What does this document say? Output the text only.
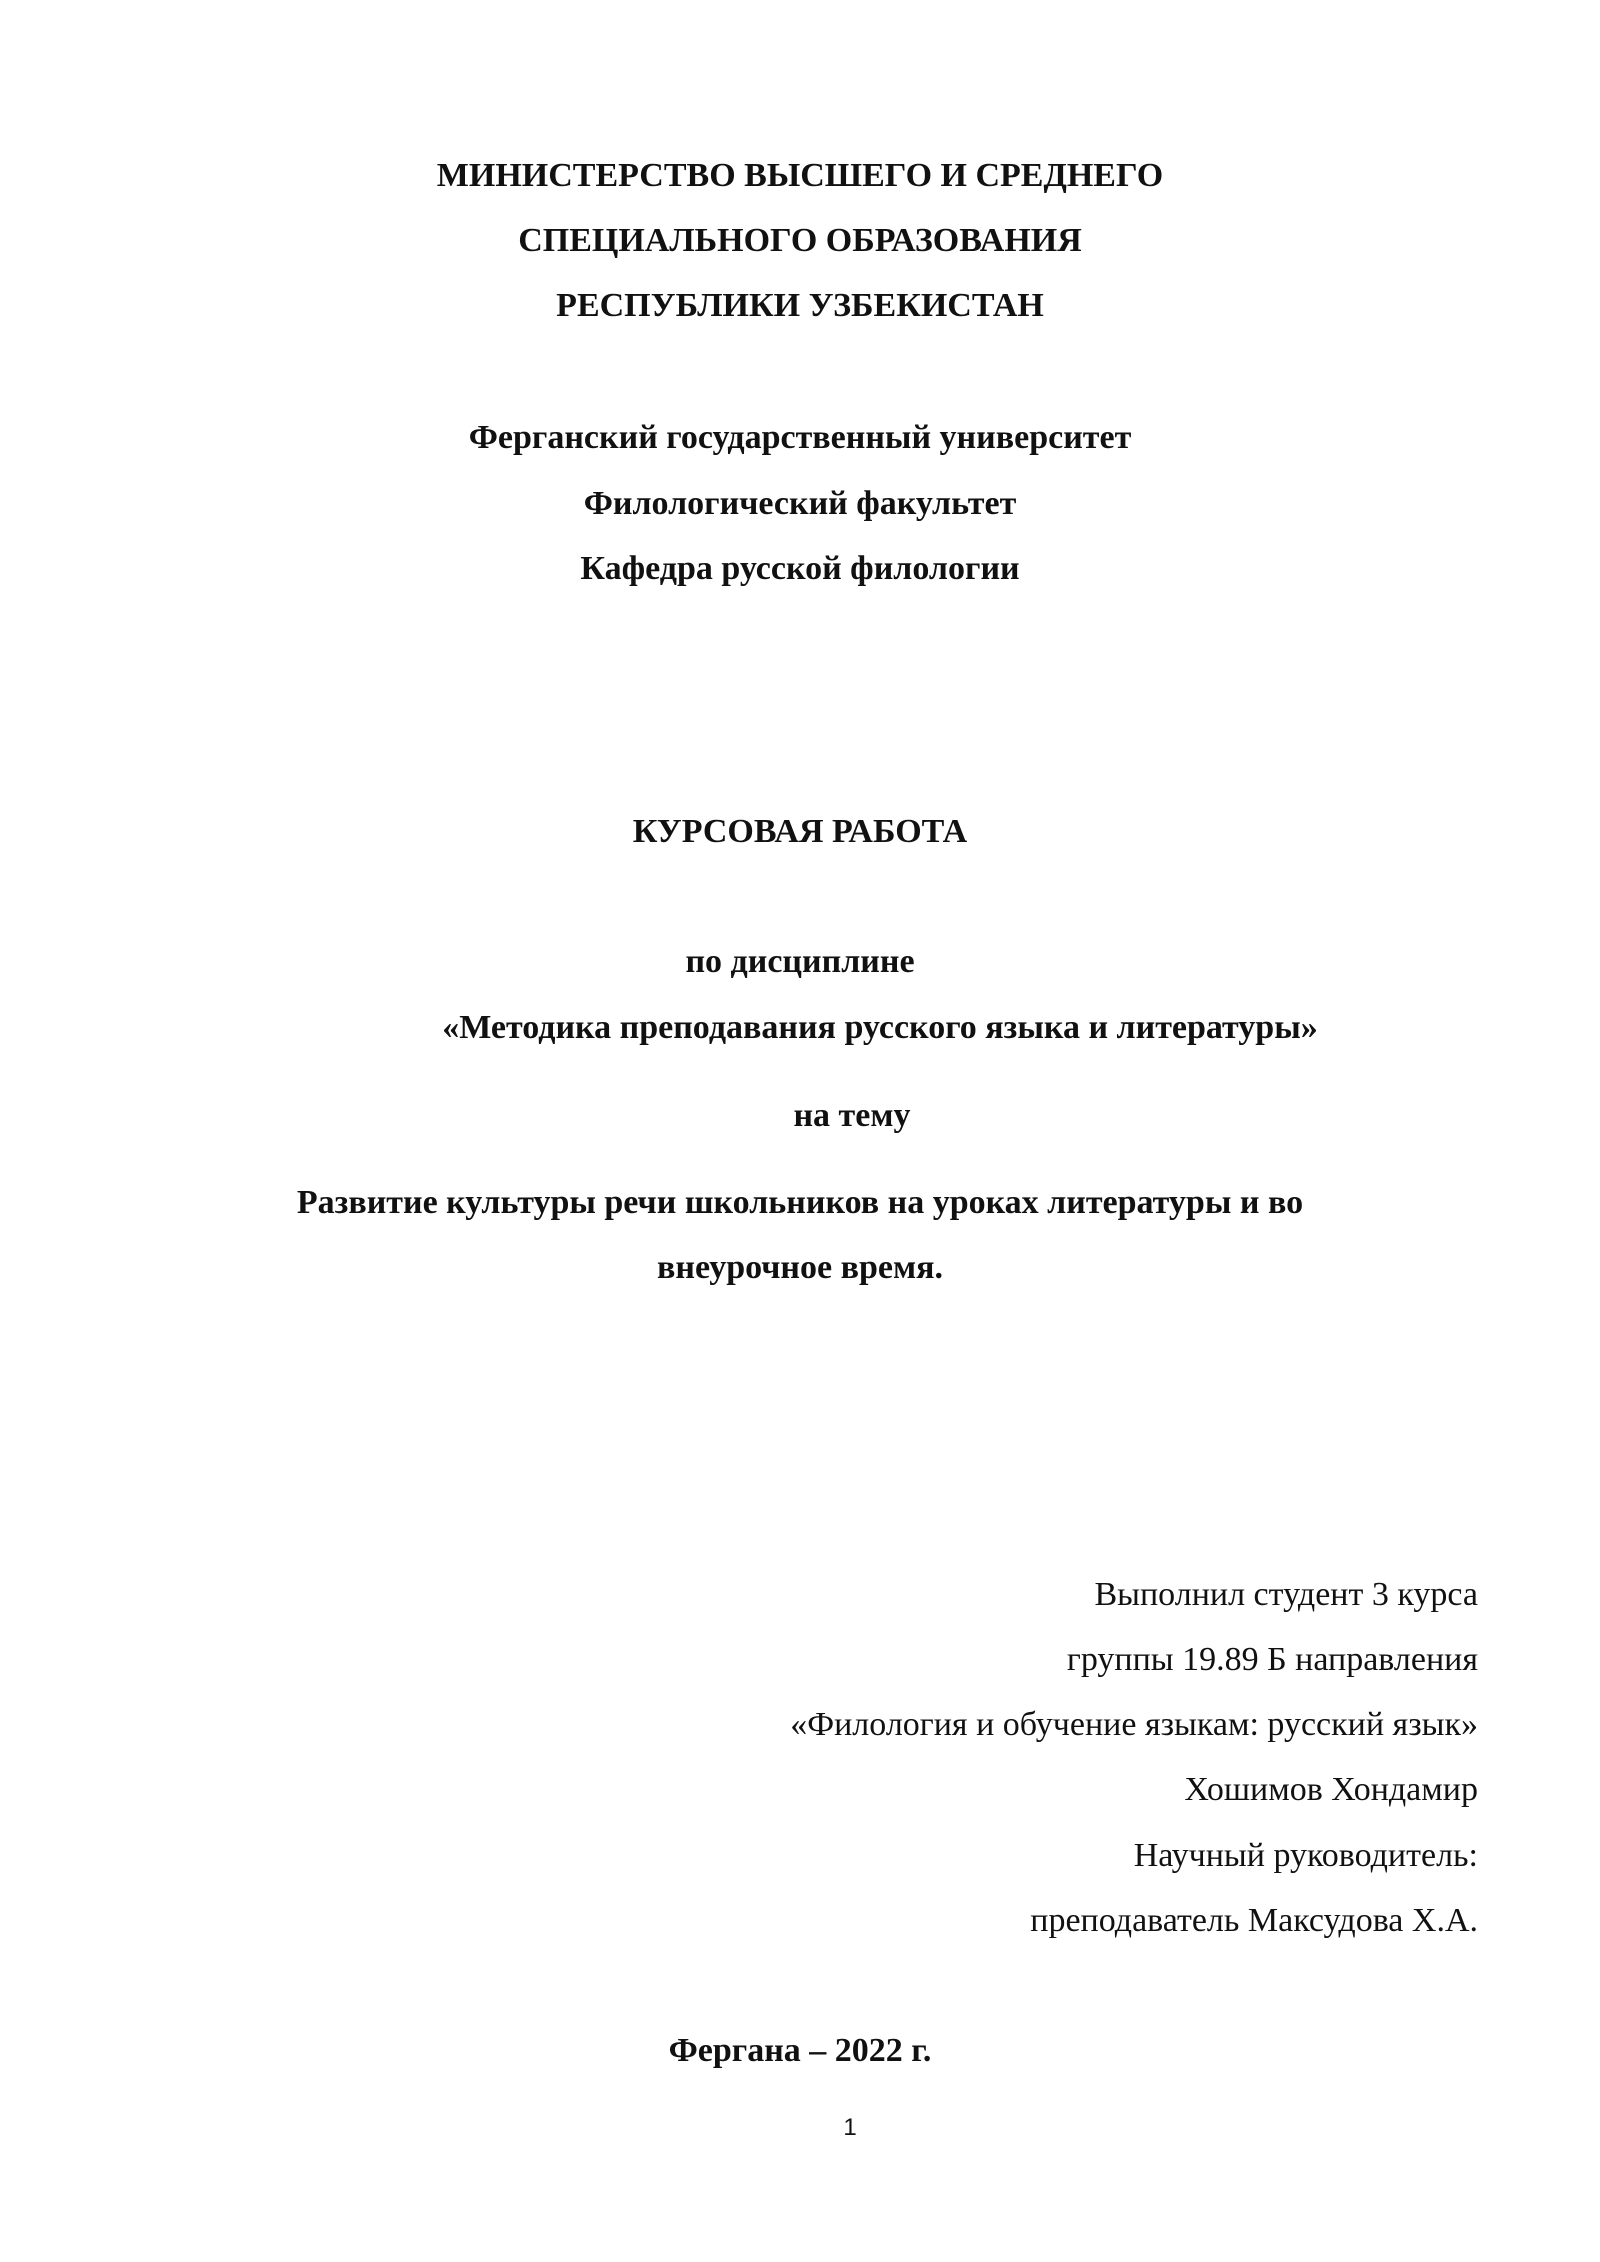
МИНИСТЕРСТВО ВЫСШЕГО И СРЕДНЕГО
СПЕЦИАЛЬНОГО ОБРАЗОВАНИЯ
РЕСПУБЛИКИ УЗБЕКИСТАН
Ферганский государственный университет
Филологический факультет
Кафедра русской филологии
КУРСОВАЯ РАБОТА
по дисциплине
«Методика преподавания русского языка и литературы»
на тему
Развитие культуры речи школьников на уроках литературы и во
внеурочное время.
Выполнил студент 3 курса
группы 19.89 Б направления
«Филология и обучение языкам: русский язык»
Хошимов Хондамир
Научный руководитель:
преподаватель Максудова Х.А.
Фергана – 2022 г.
1
